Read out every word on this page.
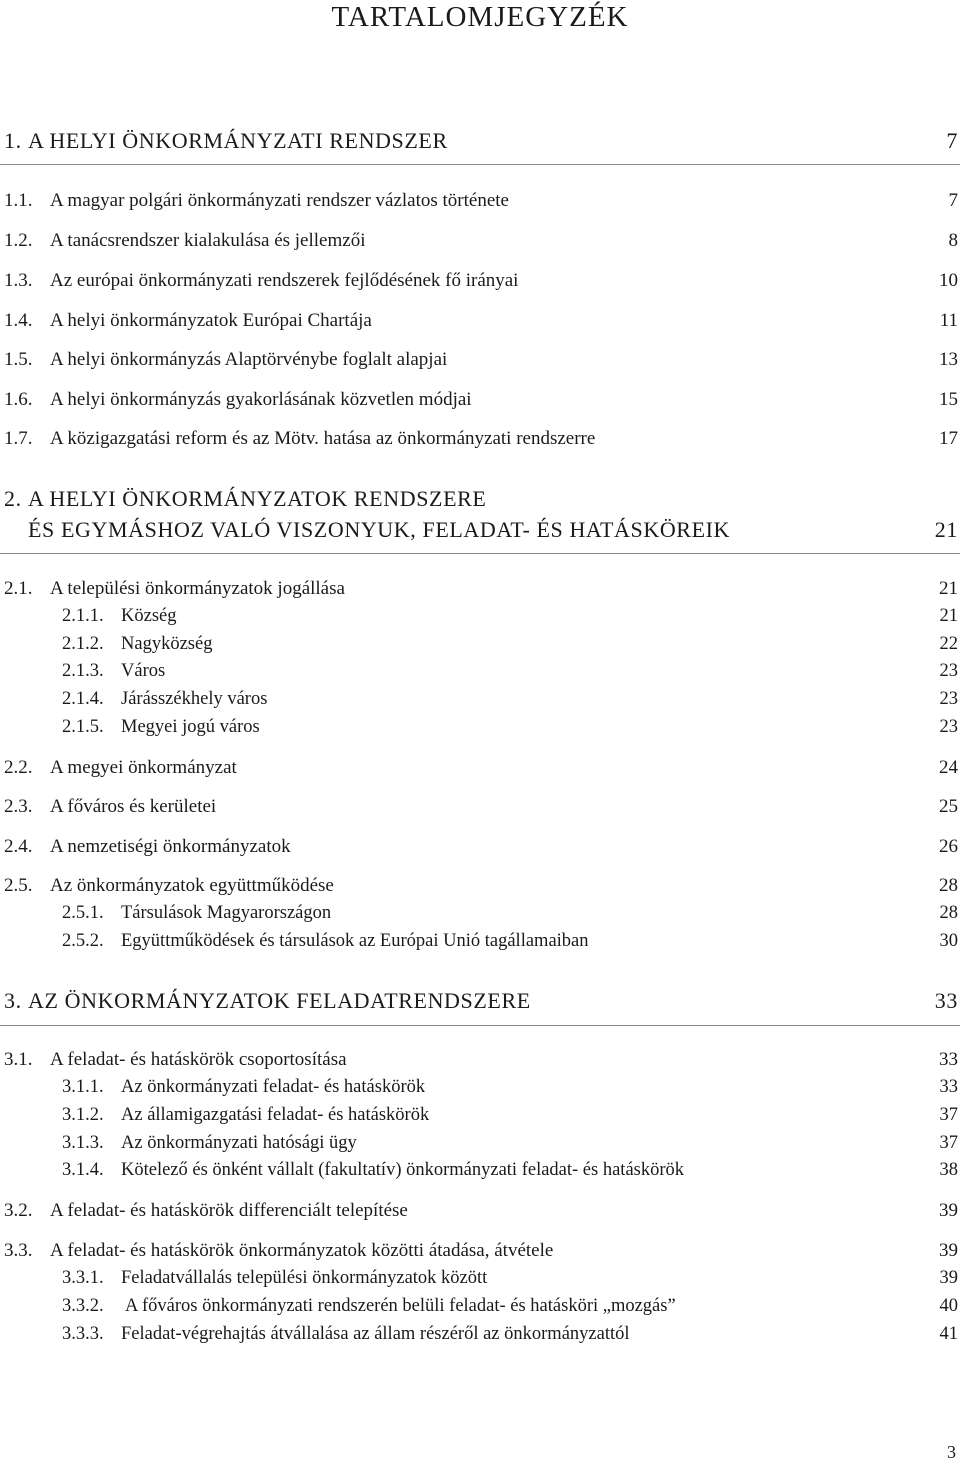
TARTALOMJEGYZÉK
1. A HELYI ÖNKORMÁNYZATI RENDSZER	7
1.1. A magyar polgári önkormányzati rendszer vázlatos története	7
1.2. A tanácsrendszer kialakulása és jellemzői	8
1.3. Az európai önkormányzati rendszerek fejlődésének fő irányai	10
1.4. A helyi önkormányzatok Európai Chartája	11
1.5. A helyi önkormányzás Alaptörvénybe foglalt alapjai	13
1.6. A helyi önkormányzás gyakorlásának közvetlen módjai	15
1.7. A közigazgatási reform és az Mötv. hatása az önkormányzati rendszerre	17
2. A HELYI ÖNKORMÁNYZATOK RENDSZERE
ÉS EGYMÁSHOZ VALÓ VISZONYUK, FELADAT- ÉS HATÁSKÖREIK	21
2.1. A települési önkormányzatok jogállása	21
2.1.1. Község	21
2.1.2. Nagyközség	22
2.1.3. Város	23
2.1.4. Járásszékhely város	23
2.1.5. Megyei jogú város	23
2.2. A megyei önkormányzat	24
2.3. A főváros és kerületei	25
2.4. A nemzetiségi önkormányzatok	26
2.5. Az önkormányzatok együttműködése	28
2.5.1. Társulások Magyarországon	28
2.5.2. Együttműködések és társulások az Európai Unió tagállamaiban	30
3. AZ ÖNKORMÁNYZATOK FELADATRENDSZERE	33
3.1. A feladat- és hatáskörök csoportosítása	33
3.1.1. Az önkormányzati feladat- és hatáskörök	33
3.1.2. Az államigazgatási feladat- és hatáskörök	37
3.1.3. Az önkormányzati hatósági ügy	37
3.1.4. Kötelező és önként vállalt (fakultatív) önkormányzati feladat- és hatáskörök	38
3.2. A feladat- és hatáskörök differenciált telepítése	39
3.3. A feladat- és hatáskörök önkormányzatok közötti átadása, átvétele	39
3.3.1. Feladatvállalás települési önkormányzatok között	39
3.3.2. A főváros önkormányzati rendszerén belüli feladat- és hatásköri „mozgás”	40
3.3.3. Feladat-végrehajtás átvállalása az állam részéről az önkormányzattól	41
3
